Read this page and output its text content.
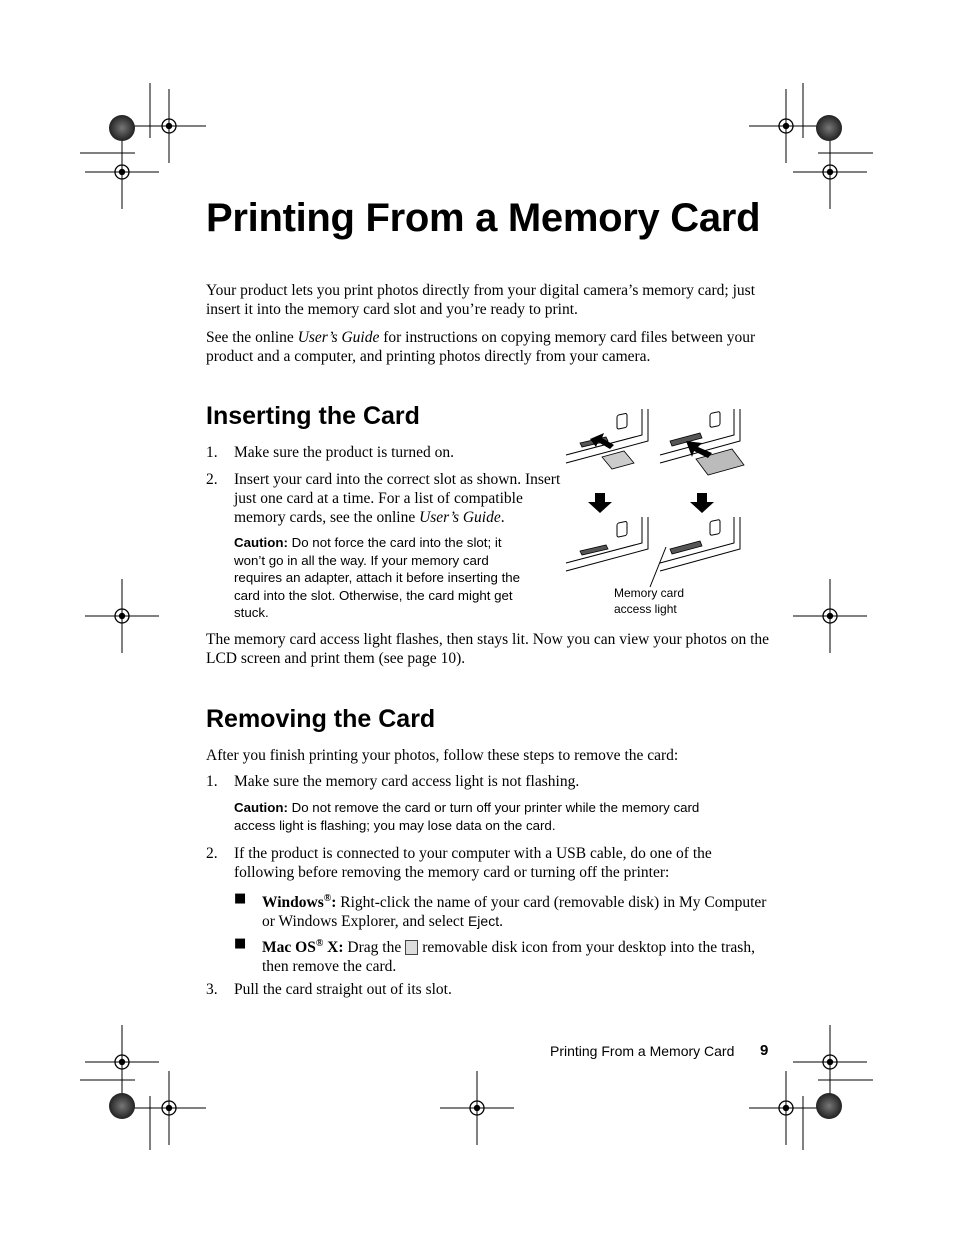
Printing From a Memory Card
Your product lets you print photos directly from your digital camera’s memory card; just
insert it into the memory card slot and you’re ready to print.
See the online User’s Guide for instructions on copying memory card files between your
product and a computer, and printing photos directly from your camera.
Inserting the Card
1. Make sure the product is turned on.
2. Insert your card into the correct slot as shown. Insert
just one card at a time. For a list of compatible
memory cards, see the online User’s Guide.
Caution: Do not force the card into the slot; it
won’t go in all the way. If your memory card
requires an adapter, attach it before inserting the
card into the slot. Otherwise, the card might get
stuck.
Memory card
access light
The memory card access light flashes, then stays lit. Now you can view your photos on the
LCD screen and print them (see page 10).
Removing the Card
After you finish printing your photos, follow these steps to remove the card:
1. Make sure the memory card access light is not flashing.
Caution: Do not remove the card or turn off your printer while the memory card
access light is flashing; you may lose data on the card.
2. If the product is connected to your computer with a USB cable, do one of the
following before removing the memory card or turning off the printer:
■ Windows®: Right-click the name of your card (removable disk) in My Computer
or Windows Explorer, and select Eject.
■ Mac OS® X: Drag the removable disk icon from your desktop into the trash,
then remove the card.
3. Pull the card straight out of its slot.
Printing From a Memory Card 9
